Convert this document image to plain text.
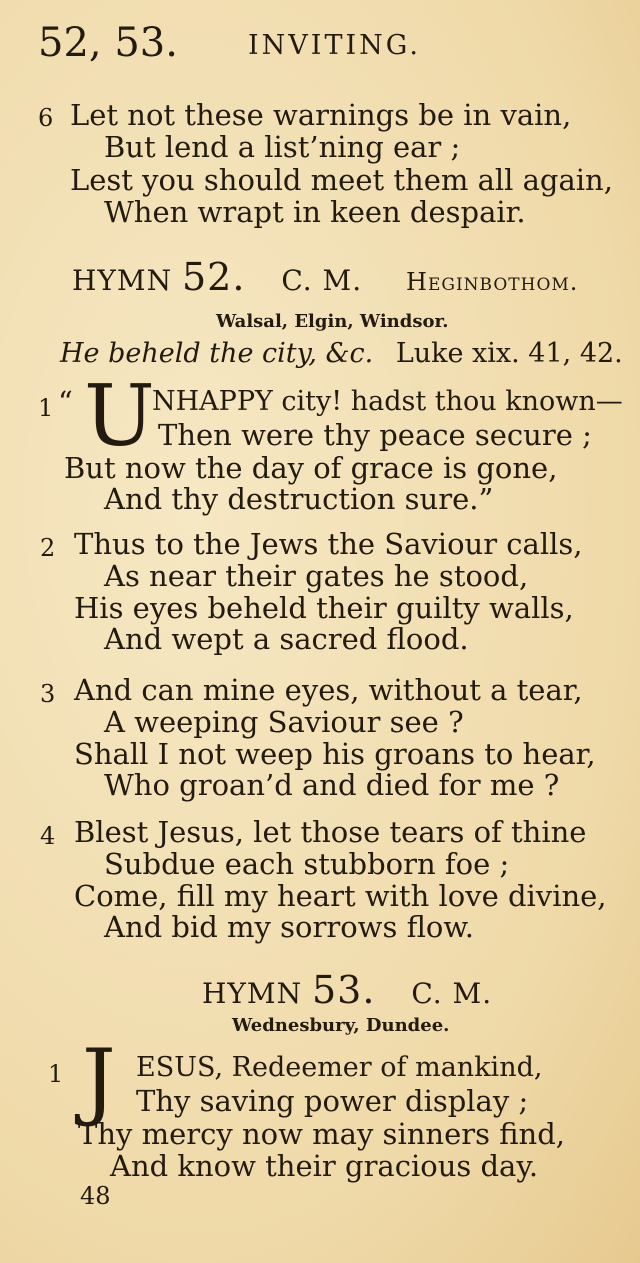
52, 53.	INVITING.
6 Let not these warnings be in vain,
But lend a list’ning ear ;
Lest you should meet them all again,
When wrapt in keen despair.
HYMN 52. C. M. Heginbothom.
Walsal, Elgin, Windsor.
He beheld the city, &c. Luke xix. 41, 42.
1 “ U
NHAPPY city! hadst thou known—
Then were thy peace secure ;
But now the day of grace is gone,
And thy destruction sure.”
2 Thus to the Jews the Saviour calls,
As near their gates he stood,
His eyes beheld their guilty walls,
And wept a sacred flood.
3 And can mine eyes, without a tear,
A weeping Saviour see ?
Shall I not weep his groans to hear,
Who groan’d and died for me ?
4 Blest Jesus, let those tears of thine
Subdue each stubborn foe ;
Come, fill my heart with love divine,
And bid my sorrows flow.
HYMN 53. C. M.
Wednesbury, Dundee.
1 J ESUS, Redeemer of mankind,
Thy saving power display ;
Thy mercy now may sinners find,
And know their gracious day.
48
